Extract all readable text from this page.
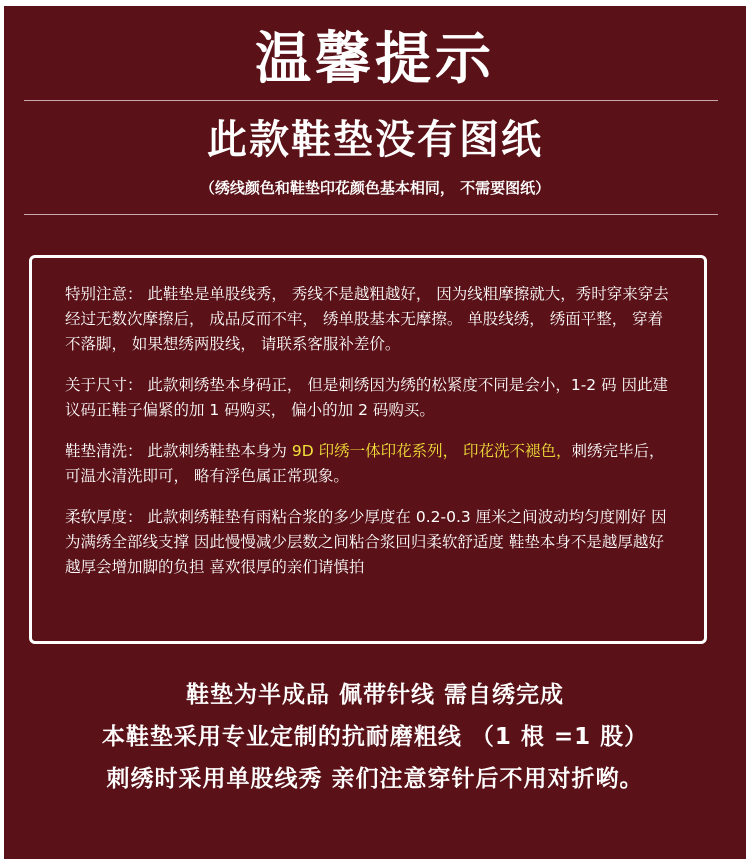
温馨提示
此款鞋垫没有图纸
（绣线颜色和鞋垫印花颜色基本相同， 不需要图纸）

特别注意： 此鞋垫是单股线秀， 秀线不是越粗越好， 因为线粗摩擦就大，秀时穿来穿去经过无数次摩擦后， 成品反而不牢， 绣单股基本无摩擦。 单股线绣， 绣面平整， 穿着不落脚， 如果想绣两股线， 请联系客服补差价。

关于尺寸： 此款刺绣垫本身码正， 但是刺绣因为绣的松紧度不同是会小，1-2 码 因此建议码正鞋子偏紧的加 1 码购买， 偏小的加 2 码购买。

鞋垫清洗： 此款刺绣鞋垫本身为 9D 印绣一体印花系列， 印花洗不褪色，刺绣完毕后， 可温水清洗即可， 略有浮色属正常现象。

柔软厚度： 此款刺绣鞋垫有雨粘合浆的多少厚度在 0.2-0.3 厘米之间波动均匀度刚好 因为满绣全部线支撑 因此慢慢减少层数之间粘合浆回归柔软舒适度 鞋垫本身不是越厚越好 越厚会增加脚的负担 喜欢很厚的亲们请慎拍

鞋垫为半成品 佩带针线 需自绣完成
本鞋垫采用专业定制的抗耐磨粗线 （1 根 =1 股）
刺绣时采用单股线秀 亲们注意穿针后不用对折哟。
